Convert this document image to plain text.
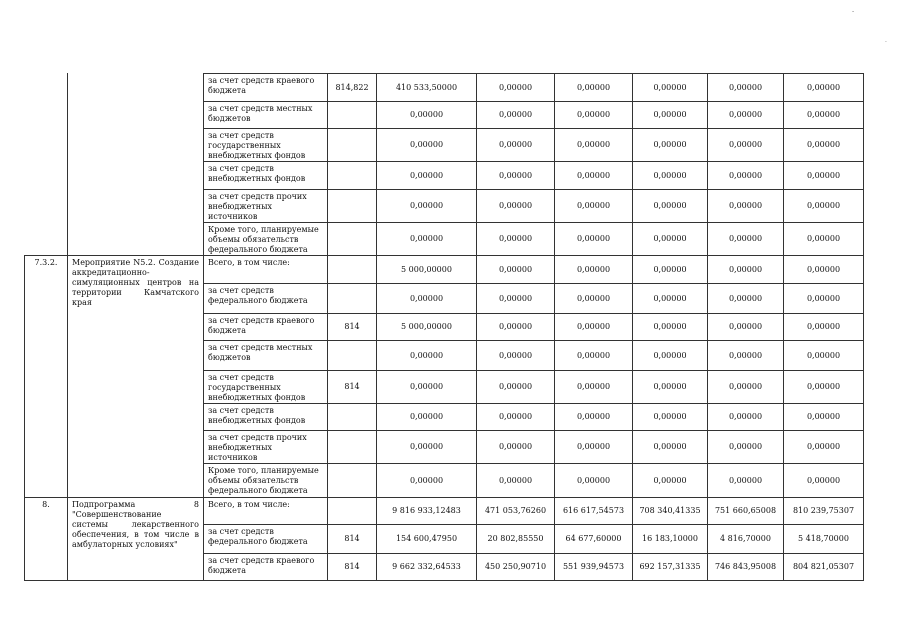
-
.
		за счет средств краевого бюджета	814,822	410 533,50000	0,00000	0,00000	0,00000	0,00000	0,00000
		за счет средств местных бюджетов		0,00000	0,00000	0,00000	0,00000	0,00000	0,00000
		за счет средств государственных внебюджетных фондов		0,00000	0,00000	0,00000	0,00000	0,00000	0,00000
		за счет средств внебюджетных фондов		0,00000	0,00000	0,00000	0,00000	0,00000	0,00000
		за счет средств прочих внебюджетных источников		0,00000	0,00000	0,00000	0,00000	0,00000	0,00000
		Кроме того, планируемые объемы обязательств федерального бюджета		0,00000	0,00000	0,00000	0,00000	0,00000	0,00000
7.3.2.	Мероприятие N5.2. Создание аккредитационно-симуляционных центров на территории Камчатского края	Всего, в том числе:		5 000,00000	0,00000	0,00000	0,00000	0,00000	0,00000
		за счет средств федерального бюджета		0,00000	0,00000	0,00000	0,00000	0,00000	0,00000
		за счет средств краевого бюджета	814	5 000,00000	0,00000	0,00000	0,00000	0,00000	0,00000
		за счет средств местных бюджетов		0,00000	0,00000	0,00000	0,00000	0,00000	0,00000
		за счет средств государственных внебюджетных фондов	814	0,00000	0,00000	0,00000	0,00000	0,00000	0,00000
		за счет средств внебюджетных фондов		0,00000	0,00000	0,00000	0,00000	0,00000	0,00000
		за счет средств прочих внебюджетных источников		0,00000	0,00000	0,00000	0,00000	0,00000	0,00000
		Кроме того, планируемые объемы обязательств федерального бюджета		0,00000	0,00000	0,00000	0,00000	0,00000	0,00000
8.	Подпрограмма 8 "Совершенствование системы лекарственного обеспечения, в том числе в амбулаторных условиях"	Всего, в том числе:		9 816 933,12483	471 053,76260	616 617,54573	708 340,41335	751 660,65008	810 239,75307
		за счет средств федерального бюджета	814	154 600,47950	20 802,85550	64 677,60000	16 183,10000	4 816,70000	5 418,70000
		за счет средств краевого бюджета	814	9 662 332,64533	450 250,90710	551 939,94573	692 157,31335	746 843,95008	804 821,05307
